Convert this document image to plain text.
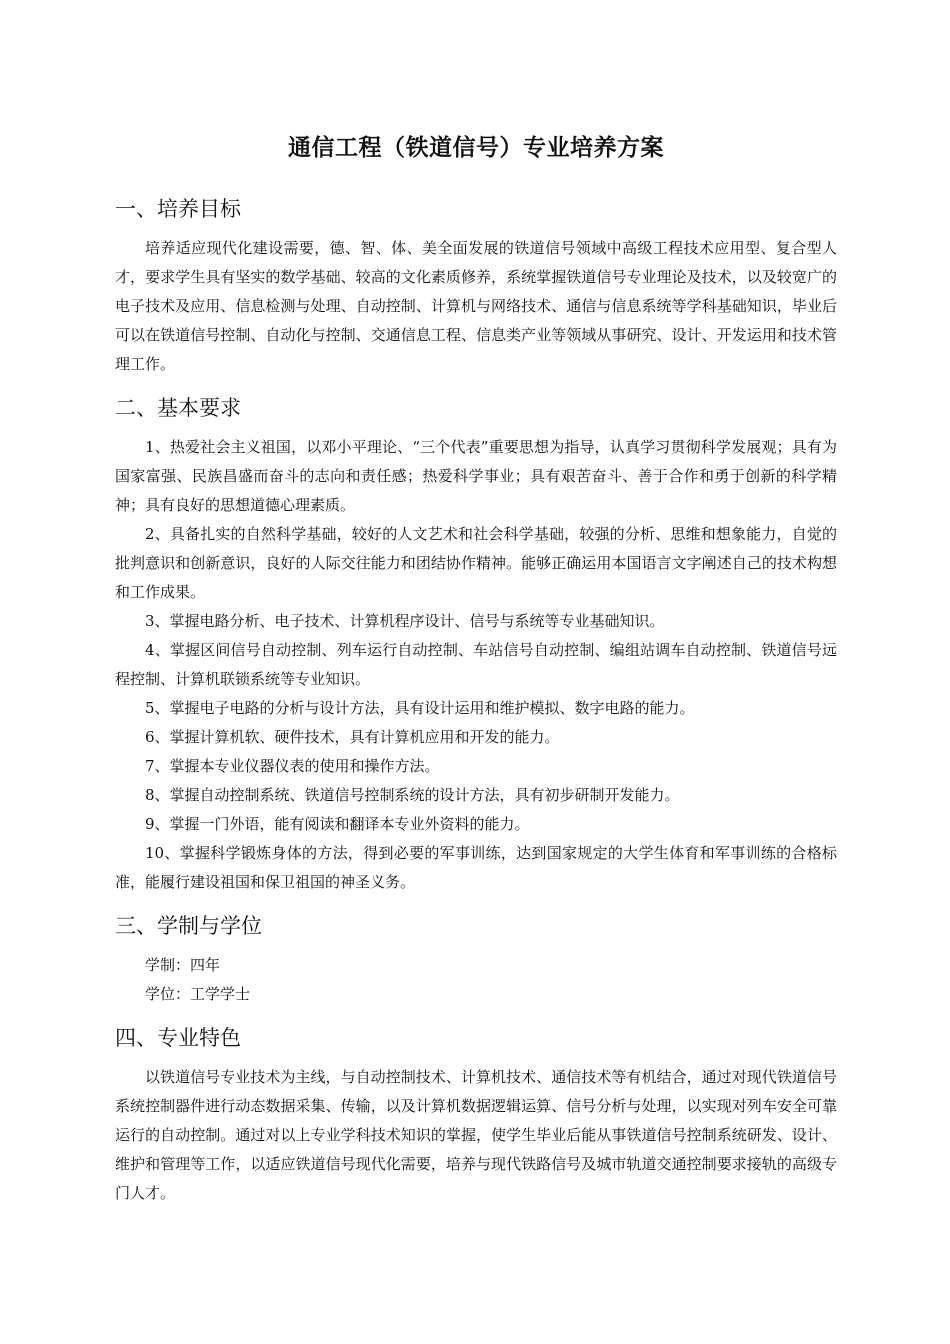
通信工程（铁道信号）专业培养方案
一、培养目标

培养适应现代化建设需要，德、智、体、美全面发展的铁道信号领域中高级工程技术应用型、复合型人才，要求学生具有坚实的数学基础、较高的文化素质修养，系统掌握铁道信号专业理论及技术，以及较宽广的电子技术及应用、信息检测与处理、自动控制、计算机与网络技术、通信与信息系统等学科基础知识，毕业后可以在铁道信号控制、自动化与控制、交通信息工程、信息类产业等领域从事研究、设计、开发运用和技术管理工作。

二、基本要求

1、热爱社会主义祖国，以邓小平理论、“三个代表”重要思想为指导，认真学习贯彻科学发展观；具有为国家富强、民族昌盛而奋斗的志向和责任感；热爱科学事业；具有艰苦奋斗、善于合作和勇于创新的科学精神；具有良好的思想道德心理素质。

2、具备扎实的自然科学基础，较好的人文艺术和社会科学基础，较强的分析、思维和想象能力，自觉的批判意识和创新意识，良好的人际交往能力和团结协作精神。能够正确运用本国语言文字阐述自己的技术构想和工作成果。

3、掌握电路分析、电子技术、计算机程序设计、信号与系统等专业基础知识。

4、掌握区间信号自动控制、列车运行自动控制、车站信号自动控制、编组站调车自动控制、铁道信号远程控制、计算机联锁系统等专业知识。

5、掌握电子电路的分析与设计方法，具有设计运用和维护模拟、数字电路的能力。

6、掌握计算机软、硬件技术，具有计算机应用和开发的能力。

7、掌握本专业仪器仪表的使用和操作方法。

8、掌握自动控制系统、铁道信号控制系统的设计方法，具有初步研制开发能力。

9、掌握一门外语，能有阅读和翻译本专业外资料的能力。

10、掌握科学锻炼身体的方法，得到必要的军事训练，达到国家规定的大学生体育和军事训练的合格标准，能履行建设祖国和保卫祖国的神圣义务。

三、学制与学位

学制：四年

学位：工学学士

四、专业特色

以铁道信号专业技术为主线，与自动控制技术、计算机技术、通信技术等有机结合，通过对现代铁道信号系统控制器件进行动态数据采集、传输，以及计算机数据逻辑运算、信号分析与处理，以实现对列车安全可靠运行的自动控制。通过对以上专业学科技术知识的掌握，使学生毕业后能从事铁道信号控制系统研发、设计、维护和管理等工作，以适应铁道信号现代化需要，培养与现代铁路信号及城市轨道交通控制要求接轨的高级专门人才。
